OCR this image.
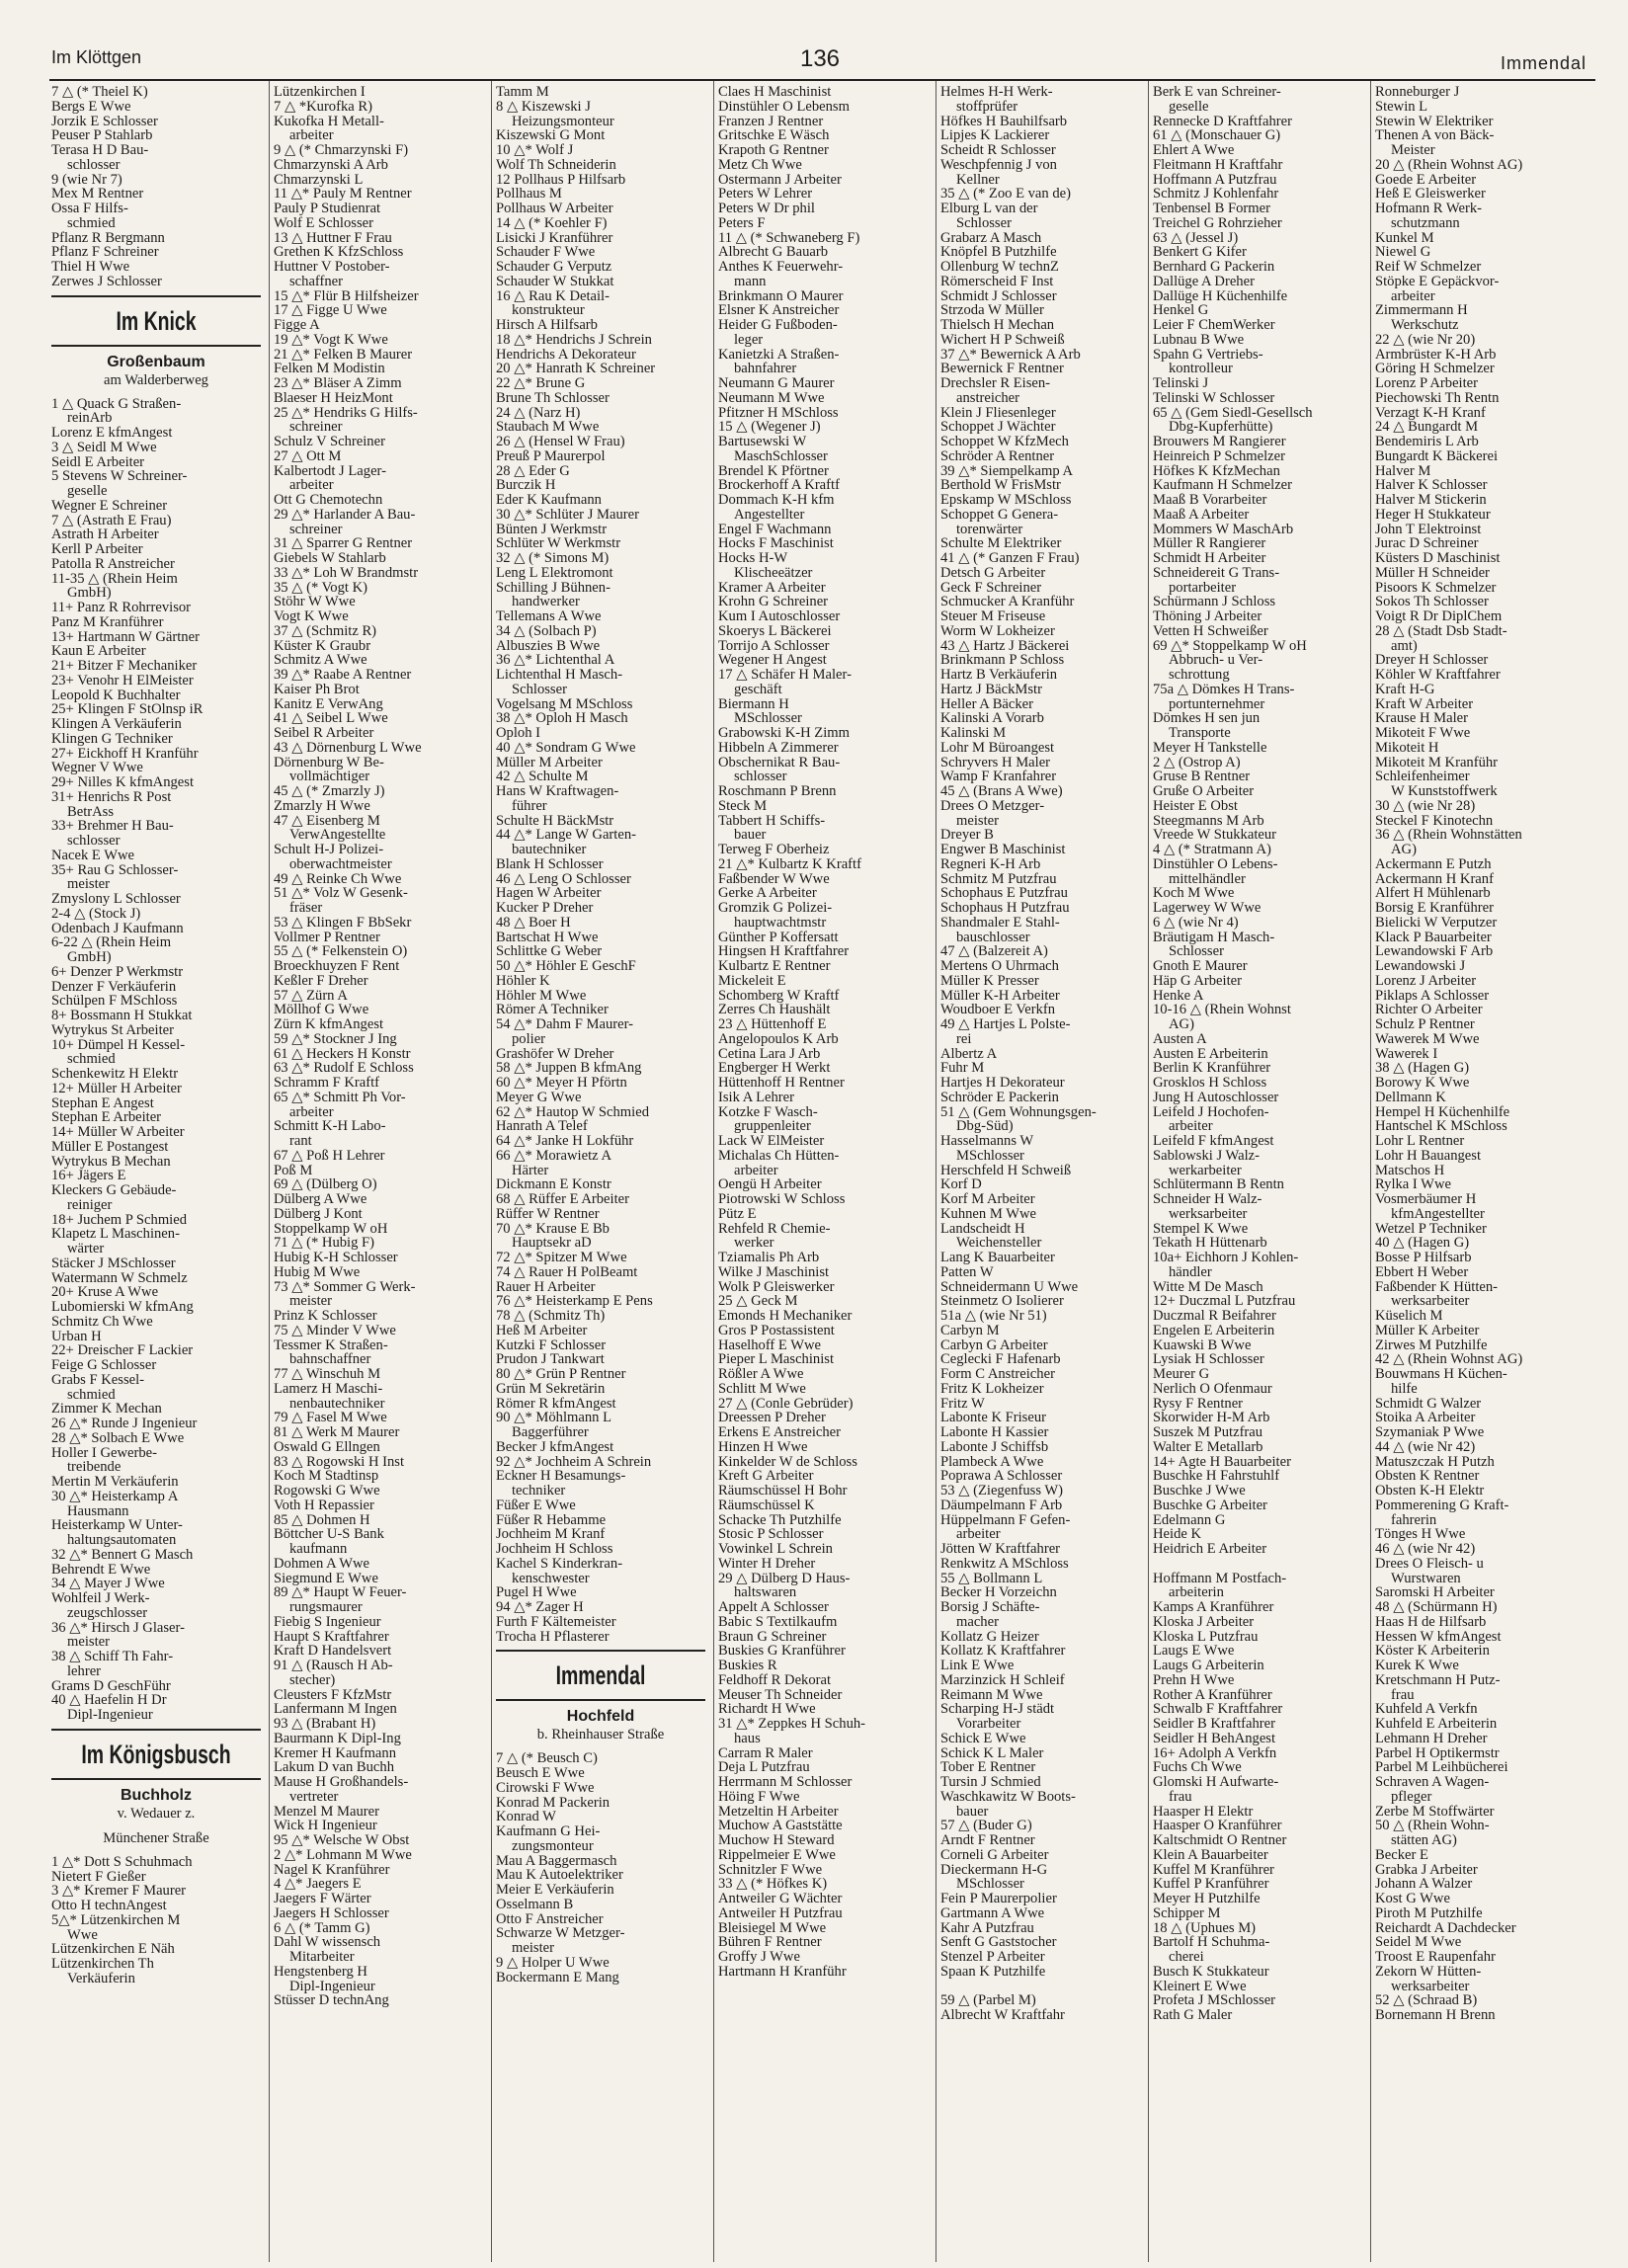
Im Klöttgen	136	Immendal
7 △ (* Theiel K)
Bergs E Wwe
Jorzik E Schlosser
Peuser P Stahlarb
Terasa H D Bau-
schlosser
9 (wie Nr 7)
Mex M Rentner
Ossa F Hilfs-
schmied
Pflanz R Bergmann
Pflanz F Schreiner
Thiel H Wwe
Zerwes J Schlosser
Im Knick
Großenbaum
am Walderberweg
1 △ Quack G Straßen-
reinArb
Lorenz E kfmAngest
3 △ Seidl M Wwe
Seidl E Arbeiter
5 Stevens W Schreiner-
geselle
Wegner E Schreiner
7 △ (Astrath E Frau)
Astrath H Arbeiter
Kerll P Arbeiter
Patolla R Anstreicher
11-35 △ (Rhein Heim
GmbH)
11+ Panz R Rohrrevisor
Panz M Kranführer
13+ Hartmann W Gärtner
Kaun E Arbeiter
21+ Bitzer F Mechaniker
23+ Venohr H ElMeister
Leopold K Buchhalter
25+ Klingen F StOlnsp iR
Klingen A Verkäuferin
Klingen G Techniker
27+ Eickhoff H Kranführ
Wegner V Wwe
29+ Nilles K kfmAngest
31+ Henrichs R Post
BetrAss
33+ Brehmer H Bau-
schlosser
Nacek E Wwe
35+ Rau G Schlosser-
meister
Zmyslony L Schlosser
2-4 △ (Stock J)
Odenbach J Kaufmann
6-22 △ (Rhein Heim
GmbH)
6+ Denzer P Werkmstr
Denzer F Verkäuferin
Schülpen F MSchloss
8+ Bossmann H Stukkat
Wytrykus St Arbeiter
10+ Dümpel H Kessel-
schmied
Schenkewitz H Elektr
12+ Müller H Arbeiter
Stephan E Angest
Stephan E Arbeiter
14+ Müller W Arbeiter
Müller E Postangest
Wytrykus B Mechan
16+ Jägers E
Kleckers G Gebäude-
reiniger
18+ Juchem P Schmied
Klapetz L Maschinen-
wärter
Stäcker J MSchlosser
Watermann W Schmelz
20+ Kruse A Wwe
Lubomierski W kfmAng
Schmitz Ch Wwe
Urban H
22+ Dreischer F Lackier
Feige G Schlosser
Grabs F Kessel-
schmied
Zimmer K Mechan
26 △* Runde J Ingenieur
28 △* Solbach E Wwe
Holler I Gewerbe-
treibende
Mertin M Verkäuferin
30 △* Heisterkamp A
Hausmann
Heisterkamp W Unter-
haltungsautomaten
32 △* Bennert G Masch
Behrendt E Wwe
34 △ Mayer J Wwe
Wohlfeil J Werk-
zeugschlosser
36 △* Hirsch J Glaser-
meister
38 △ Schiff Th Fahr-
lehrer
Grams D GeschFühr
40 △ Haefelin H Dr
Dipl-Ingenieur
Im Königsbusch
Buchholz
v. Wedauer z.
Münchener Straße
1 △* Dott S Schuhmach
Nietert F Gießer
3 △* Kremer F Maurer
Otto H technAngest
5△* Lützenkirchen M
Wwe
Lützenkirchen E Näh
Lützenkirchen Th
Verkäuferin
Lützenkirchen I
7 △ *Kurofka R)
Kukofka H Metall-
arbeiter
9 △ (* Chmarzynski F)
Chmarzynski A Arb
Chmarzynski L
11 △* Pauly M Rentner
Pauly P Studienrat
Wolf E Schlosser
13 △ Huttner F Frau
Grethen K KfzSchloss
Huttner V Postober-
schaffner
15 △* Flür B Hilfsheizer
17 △ Figge U Wwe
Figge A
19 △* Vogt K Wwe
21 △* Felken B Maurer
Felken M Modistin
23 △* Bläser A Zimm
Blaeser H HeizMont
25 △* Hendriks G Hilfs-
schreiner
Schulz V Schreiner
27 △ Ott M
Kalbertodt J Lager-
arbeiter
Ott G Chemotechn
29 △* Harlander A Bau-
schreiner
31 △ Sparrer G Rentner
Giebels W Stahlarb
33 △* Loh W Brandmstr
35 △ (* Vogt K)
Stöhr W Wwe
Vogt K Wwe
37 △ (Schmitz R)
Küster K Graubr
Schmitz A Wwe
39 △* Raabe A Rentner
Kaiser Ph Brot
Kanitz E VerwAng
41 △ Seibel L Wwe
Seibel R Arbeiter
43 △ Dörnenburg L Wwe
Dörnenburg W Be-
vollmächtiger
45 △ (* Zmarzly J)
Zmarzly H Wwe
47 △ Eisenberg M
VerwAngestellte
Schult H-J Polizei-
oberwachtmeister
49 △ Reinke Ch Wwe
51 △* Volz W Gesenk-
fräser
53 △ Klingen F BbSekr
Vollmer P Rentner
55 △ (* Felkenstein O)
Broeckhuyzen F Rent
Keßler F Dreher
57 △ Zürn A
Möllhof G Wwe
Zürn K kfmAngest
59 △* Stockner J Ing
61 △ Heckers H Konstr
63 △* Rudolf E Schloss
Schramm F Kraftf
65 △* Schmitt Ph Vor-
arbeiter
Schmitt K-H Labo-
rant
67 △ Poß H Lehrer
Poß M
69 △ (Dülberg O)
Dülberg A Wwe
Dülberg J Kont
Stoppelkamp W oH
71 △ (* Hubig F)
Hubig K-H Schlosser
Hubig M Wwe
73 △* Sommer G Werk-
meister
Prinz K Schlosser
75 △ Minder V Wwe
Tessmer K Straßen-
bahnschaffner
77 △ Winschuh M
Lamerz H Maschi-
nenbautechniker
79 △ Fasel M Wwe
81 △ Werk M Maurer
Oswald G Ellngen
83 △ Rogowski H Inst
Koch M Stadtinsp
Rogowski G Wwe
Voth H Repassier
85 △ Dohmen H
Böttcher U-S Bank
kaufmann
Dohmen A Wwe
Siegmund E Wwe
89 △* Haupt W Feuer-
rungsmaurer
Fiebig S Ingenieur
Haupt S Kraftfahrer
Kraft D Handelsvert
91 △ (Rausch H Ab-
stecher)
Cleusters F KfzMstr
Lanfermann M Ingen
93 △ (Brabant H)
Baurmann K Dipl-Ing
Kremer H Kaufmann
Lakum D van Buchh
Mause H Großhandels-
vertreter
Menzel M Maurer
Wick H Ingenieur
95 △* Welsche W Obst
2 △* Lohmann M Wwe
Nagel K Kranführer
4 △* Jaegers E
Jaegers F Wärter
Jaegers H Schlosser
6 △ (* Tamm G)
Dahl W wissensch
Mitarbeiter
Hengstenberg H
Dipl-Ingenieur
Stüsser D technAng
Tamm M
8 △ Kiszewski J
Heizungsmonteur
Kiszewski G Mont
10 △* Wolf J
Wolf Th Schneiderin
12 Pollhaus P Hilfsarb
Pollhaus M
Pollhaus W Arbeiter
14 △ (* Koehler F)
Lisicki J Kranführer
Schauder F Wwe
Schauder G Verputz
Schauder W Stukkat
16 △ Rau K Detail-
konstrukteur
Hirsch A Hilfsarb
18 △* Hendrichs J Schrein
Hendrichs A Dekorateur
20 △* Hanrath K Schreiner
22 △* Brune G
Brune Th Schlosser
24 △ (Narz H)
Staubach M Wwe
26 △ (Hensel W Frau)
Preuß P Maurerpol
28 △ Eder G
Burczik H
Eder K Kaufmann
30 △* Schlüter J Maurer
Bünten J Werkmstr
Schlüter W Werkmstr
32 △ (* Simons M)
Leng L Elektromont
Schilling J Bühnen-
handwerker
Tellemans A Wwe
34 △ (Solbach P)
Albuszies B Wwe
36 △* Lichtenthal A
Lichtenthal H Masch-
Schlosser
Vogelsang M MSchloss
38 △* Oploh H Masch
Oploh I
40 △* Sondram G Wwe
Müller M Arbeiter
42 △ Schulte M
Hans W Kraftwagen-
führer
Schulte H BäckMstr
44 △* Lange W Garten-
bautechniker
Blank H Schlosser
46 △ Leng O Schlosser
Hagen W Arbeiter
Kucker P Dreher
48 △ Boer H
Bartschat H Wwe
Schlittke G Weber
50 △* Höhler E GeschF
Höhler K
Höhler M Wwe
Römer A Techniker
54 △* Dahm F Maurer-
polier
Grashöfer W Dreher
58 △* Juppen B kfmAng
60 △* Meyer H Pförtn
Meyer G Wwe
62 △* Hautop W Schmied
Hanrath A Telef
64 △* Janke H Lokführ
66 △* Morawietz A
Härter
Dickmann E Konstr
68 △ Rüffer E Arbeiter
Rüffer W Rentner
70 △* Krause E Bb
Hauptsekr aD
72 △* Spitzer M Wwe
74 △ Rauer H PolBeamt
Rauer H Arbeiter
76 △* Heisterkamp E Pens
78 △ (Schmitz Th)
Heß M Arbeiter
Kutzki F Schlosser
Prudon J Tankwart
80 △* Grün P Rentner
Grün M Sekretärin
Römer R kfmAngest
90 △* Möhlmann L
Baggerführer
Becker J kfmAngest
92 △* Jochheim A Schrein
Eckner H Besamungs-
techniker
Füßer E Wwe
Füßer R Hebamme
Jochheim M Kranf
Jochheim H Schloss
Kachel S Kinderkran-
kenschwester
Pugel H Wwe
94 △* Zager H
Furth F Kältemeister
Trocha H Pflasterer
Immendal
Hochfeld
b. Rheinhauser Straße
7 △ (* Beusch C)
Beusch E Wwe
Cirowski F Wwe
Konrad M Packerin
Konrad W
Kaufmann G Hei-
zungsmonteur
Mau A Baggermasch
Mau K Autoelektriker
Meier E Verkäuferin
Osselmann B
Otto F Anstreicher
Schwarze W Metzger-
meister
9 △ Holper U Wwe
Bockermann E Mang
Claes H Maschinist
Dinstühler O Lebensm
Franzen J Rentner
Gritschke E Wäsch
Krapoth G Rentner
Metz Ch Wwe
Ostermann J Arbeiter
Peters W Lehrer
Peters W Dr phil
Peters F
11 △ (* Schwaneberg F)
Albrecht G Bauarb
Anthes K Feuerwehr-
mann
Brinkmann O Maurer
Elsner K Anstreicher
Heider G Fußboden-
leger
Kanietzki A Straßen-
bahnfahrer
Neumann G Maurer
Neumann M Wwe
Pfitzner H MSchloss
15 △ (Wegener J)
Bartusewski W
MaschSchlosser
Brendel K Pförtner
Brockerhoff A Kraftf
Dommach K-H kfm
Angestellter
Engel F Wachmann
Hocks F Maschinist
Hocks H-W
Klischeeätzer
Kramer A Arbeiter
Krohn G Schreiner
Kum I Autoschlosser
Skoerys L Bäckerei
Torrijo A Schlosser
Wegener H Angest
17 △ Schäfer H Maler-
geschäft
Biermann H
MSchlosser
Grabowski K-H Zimm
Hibbeln A Zimmerer
Obschernikat R Bau-
schlosser
Roschmann P Brenn
Steck M
Tabbert H Schiffs-
bauer
Terweg F Oberheiz
21 △* Kulbartz K Kraftf
Faßbender W Wwe
Gerke A Arbeiter
Gromzik G Polizei-
hauptwachtmstr
Günther P Koffersatt
Hingsen H Kraftfahrer
Kulbartz E Rentner
Mickeleit E
Schomberg W Kraftf
Zerres Ch Haushält
23 △ Hüttenhoff E
Angelopoulos K Arb
Cetina Lara J Arb
Engberger H Werkt
Hüttenhoff H Rentner
Isik A Lehrer
Kotzke F Wasch-
gruppenleiter
Lack W ElMeister
Michalas Ch Hütten-
arbeiter
Oengü H Arbeiter
Piotrowski W Schloss
Pütz E
Rehfeld R Chemie-
werker
Tziamalis Ph Arb
Wilke J Maschinist
Wolk P Gleiswerker
25 △ Geck M
Emonds H Mechaniker
Gros P Postassistent
Haselhoff E Wwe
Pieper L Maschinist
Rößler A Wwe
Schlitt M Wwe
27 △ (Conle Gebrüder)
Dreessen P Dreher
Erkens E Anstreicher
Hinzen H Wwe
Kinkelder W de Schloss
Kreft G Arbeiter
Räumschüssel H Bohr
Räumschüssel K
Schacke Th Putzhilfe
Stosic P Schlosser
Vowinkel L Schrein
Winter H Dreher
29 △ Dülberg D Haus-
haltswaren
Appelt A Schlosser
Babic S Textilkaufm
Braun G Schreiner
Buskies G Kranführer
Buskies R
Feldhoff R Dekorat
Meuser Th Schneider
Richardt H Wwe
31 △* Zeppkes H Schuh-
haus
Carram R Maler
Deja L Putzfrau
Herrmann M Schlosser
Höing F Wwe
Metzeltin H Arbeiter
Muchow A Gaststätte
Muchow H Steward
Rippelmeier E Wwe
Schnitzler F Wwe
33 △ (* Höfkes K)
Antweiler G Wächter
Antweiler H Putzfrau
Bleisiegel M Wwe
Bühren F Rentner
Groffy J Wwe
Hartmann H Kranführ
Helmes H-H Werk-
stoffprüfer
Höfkes H Bauhilfsarb
Lipjes K Lackierer
Scheidt R Schlosser
Weschpfennig J von
Kellner
35 △ (* Zoo E van de)
Elburg L van der
Schlosser
Grabarz A Masch
Knöpfel B Putzhilfe
Ollenburg W technZ
Römerscheid F Inst
Schmidt J Schlosser
Strzoda W Müller
Thielsch H Mechan
Wichert H P Schweiß
37 △* Bewernick A Arb
Bewernick F Rentner
Drechsler R Eisen-
anstreicher
Klein J Fliesenleger
Schoppet J Wächter
Schoppet W KfzMech
Schröder A Rentner
39 △* Siempelkamp A
Berthold W FrisMstr
Epskamp W MSchloss
Schoppet G Genera-
torenwärter
Schulte M Elektriker
41 △ (* Ganzen F Frau)
Detsch G Arbeiter
Geck F Schreiner
Schmucker A Kranführ
Steuer M Friseuse
Worm W Lokheizer
43 △ Hartz J Bäckerei
Brinkmann P Schloss
Hartz B Verkäuferin
Hartz J BäckMstr
Heller A Bäcker
Kalinski A Vorarb
Kalinski M
Lohr M Büroangest
Schryvers H Maler
Wamp F Kranfahrer
45 △ (Brans A Wwe)
Drees O Metzger-
meister
Dreyer B
Engwer B Maschinist
Regneri K-H Arb
Schmitz M Putzfrau
Schophaus E Putzfrau
Schophaus H Putzfrau
Shandmaler E Stahl-
bauschlosser
47 △ (Balzereit A)
Mertens O Uhrmach
Müller K Presser
Müller K-H Arbeiter
Woudboer E Verkfn
49 △ Hartjes L Polste-
rei
Albertz A
Fuhr M
Hartjes H Dekorateur
Schröder E Packerin
51 △ (Gem Wohnungsgen-
Dbg-Süd)
Hasselmanns W
MSchlosser
Herschfeld H Schweiß
Korf D
Korf M Arbeiter
Kuhnen M Wwe
Landscheidt H
Weichensteller
Lang K Bauarbeiter
Patten W
Schneidermann U Wwe
Steinmetz O Isolierer
51a △ (wie Nr 51)
Carbyn M
Carbyn G Arbeiter
Ceglecki F Hafenarb
Form C Anstreicher
Fritz K Lokheizer
Fritz W
Labonte K Friseur
Labonte H Kassier
Labonte J Schiffsb
Plambeck A Wwe
Poprawa A Schlosser
53 △ (Ziegenfuss W)
Däumpelmann F Arb
Hüppelmann F Gefen-
arbeiter
Jötten W Kraftfahrer
Renkwitz A MSchloss
55 △ Bollmann L
Becker H Vorzeichn
Borsig J Schäfte-
macher
Kollatz G Heizer
Kollatz K Kraftfahrer
Link E Wwe
Marzinzick H Schleif
Reimann M Wwe
Scharping H-J städt
Vorarbeiter
Schick E Wwe
Schick K L Maler
Tober E Rentner
Tursin J Schmied
Waschkawitz W Boots-
bauer
57 △ (Buder G)
Arndt F Rentner
Corneli G Arbeiter
Dieckermann H-G
MSchlosser
Fein P Maurerpolier
Gartmann A Wwe
Kahr A Putzfrau
Senft G Gaststocher
Stenzel P Arbeiter
Spaan K Putzhilfe

59 △ (Parbel M)
Albrecht W Kraftfahr
Berk E van Schreiner-
geselle
Rennecke D Kraftfahrer
61 △ (Monschauer G)
Ehlert A Wwe
Fleitmann H Kraftfahr
Hoffmann A Putzfrau
Schmitz J Kohlenfahr
Tenbensel B Former
Treichel G Rohrzieher
63 △ (Jessel J)
Benkert G Kifer
Bernhard G Packerin
Dallüge A Dreher
Dallüge H Küchenhilfe
Henkel G
Leier F ChemWerker
Lubnau B Wwe
Spahn G Vertriebs-
kontrolleur
Telinski J
Telinski W Schlosser
65 △ (Gem Siedl-Gesellsch
Dbg-Kupferhütte)
Brouwers M Rangierer
Heinreich P Schmelzer
Höfkes K KfzMechan
Kaufmann H Schmelzer
Maaß B Vorarbeiter
Maaß A Arbeiter
Mommers W MaschArb
Müller R Rangierer
Schmidt H Arbeiter
Schneidereit G Trans-
portarbeiter
Schürmann J Schloss
Thöning J Arbeiter
Vetten H Schweißer
69 △* Stoppelkamp W oH
Abbruch- u Ver-
schrottung
75a △ Dömkes H Trans-
portunternehmer
Dömkes H sen jun
Transporte
Meyer H Tankstelle
2 △ (Ostrop A)
Gruse B Rentner
Gruße O Arbeiter
Heister E Obst
Steegmanns M Arb
Vreede W Stukkateur
4 △ (* Stratmann A)
Dinstühler O Lebens-
mittelhändler
Koch M Wwe
Lagerwey W Wwe
6 △ (wie Nr 4)
Bräutigam H Masch-
Schlosser
Gnoth E Maurer
Häp G Arbeiter
Henke A
10-16 △ (Rhein Wohnst
AG)
Austen A
Austen E Arbeiterin
Berlin K Kranführer
Grosklos H Schloss
Jung H Autoschlosser
Leifeld J Hochofen-
arbeiter
Leifeld F kfmAngest
Sablowski J Walz-
werkarbeiter
Schlütermann B Rentn
Schneider H Walz-
werksarbeiter
Stempel K Wwe
Tekath H Hüttenarb
10a+ Eichhorn J Kohlen-
händler
Witte M De Masch
12+ Duczmal L Putzfrau
Duczmal R Beifahrer
Engelen E Arbeiterin
Kuawski B Wwe
Lysiak H Schlosser
Meurer G
Nerlich O Ofenmaur
Rysy F Rentner
Skorwider H-M Arb
Suszek M Putzfrau
Walter E Metallarb
14+ Agte H Bauarbeiter
Buschke H Fahrstuhlf
Buschke J Wwe
Buschke G Arbeiter
Edelmann G
Heide K
Heidrich E Arbeiter

Hoffmann M Postfach-
arbeiterin
Kamps A Kranführer
Kloska J Arbeiter
Kloska L Putzfrau
Laugs E Wwe
Laugs G Arbeiterin
Prehn H Wwe
Rother A Kranführer
Schwalb F Kraftfahrer
Seidler B Kraftfahrer
Seidler H BehAngest
16+ Adolph A Verkfn
Fuchs Ch Wwe
Glomski H Aufwarte-
frau
Haasper H Elektr
Haasper O Kranführer
Kaltschmidt O Rentner
Klein A Bauarbeiter
Kuffel M Kranführer
Kuffel P Kranführer
Meyer H Putzhilfe
Schipper M
18 △ (Uphues M)
Bartolf H Schuhma-
cherei
Busch K Stukkateur
Kleinert E Wwe
Profeta J MSchlosser
Rath G Maler
Ronneburger J
Stewin L
Stewin W Elektriker
Thenen A von Bäck-
Meister
20 △ (Rhein Wohnst AG)
Goede E Arbeiter
Heß E Gleiswerker
Hofmann R Werk-
schutzmann
Kunkel M
Niewel G
Reif W Schmelzer
Stöpke E Gepäckvor-
arbeiter
Zimmermann H
Werkschutz
22 △ (wie Nr 20)
Armbrüster K-H Arb
Göring H Schmelzer
Lorenz P Arbeiter
Piechowski Th Rentn
Verzagt K-H Kranf
24 △ Bungardt M
Bendemiris L Arb
Bungardt K Bäckerei
Halver M
Halver K Schlosser
Halver M Stickerin
Heger H Stukkateur
John T Elektroinst
Jurac D Schreiner
Küsters D Maschinist
Müller H Schneider
Pisoors K Schmelzer
Sokos Th Schlosser
Voigt R Dr DiplChem
28 △ (Stadt Dsb Stadt-
amt)
Dreyer H Schlosser
Köhler W Kraftfahrer
Kraft H-G
Kraft W Arbeiter
Krause H Maler
Mikoteit F Wwe
Mikoteit H
Mikoteit M Kranführ
Schleifenheimer
W Kunststoffwerk
30 △ (wie Nr 28)
Steckel F Kinotechn
36 △ (Rhein Wohnstätten
AG)
Ackermann E Putzh
Ackermann H Kranf
Alfert H Mühlenarb
Borsig E Kranführer
Bielicki W Verputzer
Klack P Bauarbeiter
Lewandowski F Arb
Lewandowski J
Lorenz J Arbeiter
Piklaps A Schlosser
Richter O Arbeiter
Schulz P Rentner
Wawerek M Wwe
Wawerek I
38 △ (Hagen G)
Borowy K Wwe
Dellmann K
Hempel H Küchenhilfe
Hantschel K MSchloss
Lohr L Rentner
Lohr H Bauangest
Matschos H
Rylka I Wwe
Vosmerbäumer H
kfmAngestellter
Wetzel P Techniker
40 △ (Hagen G)
Bosse P Hilfsarb
Ebbert H Weber
Faßbender K Hütten-
werksarbeiter
Küselich M
Müller K Arbeiter
Zirwes M Putzhilfe
42 △ (Rhein Wohnst AG)
Bouwmans H Küchen-
hilfe
Schmidt G Walzer
Stoika A Arbeiter
Szymaniak P Wwe
44 △ (wie Nr 42)
Matuszczak H Putzh
Obsten K Rentner
Obsten K-H Elektr
Pommerening G Kraft-
fahrerin
Tönges H Wwe
46 △ (wie Nr 42)
Drees O Fleisch- u
Wurstwaren
Saromski H Arbeiter
48 △ (Schürmann H)
Haas H de Hilfsarb
Hessen W kfmAngest
Köster K Arbeiterin
Kurek K Wwe
Kretschmann H Putz-
frau
Kuhfeld A Verkfn
Kuhfeld E Arbeiterin
Lehmann H Dreher
Parbel H Optikermstr
Parbel M Leihbücherei
Schraven A Wagen-
pfleger
Zerbe M Stoffwärter
50 △ (Rhein Wohn-
stätten AG)
Becker E
Grabka J Arbeiter
Johann A Walzer
Kost G Wwe
Piroth M Putzhilfe
Reichardt A Dachdecker
Seidel M Wwe
Troost E Raupenfahr
Zekorn W Hütten-
werksarbeiter
52 △ (Schraad B)
Bornemann H Brenn
